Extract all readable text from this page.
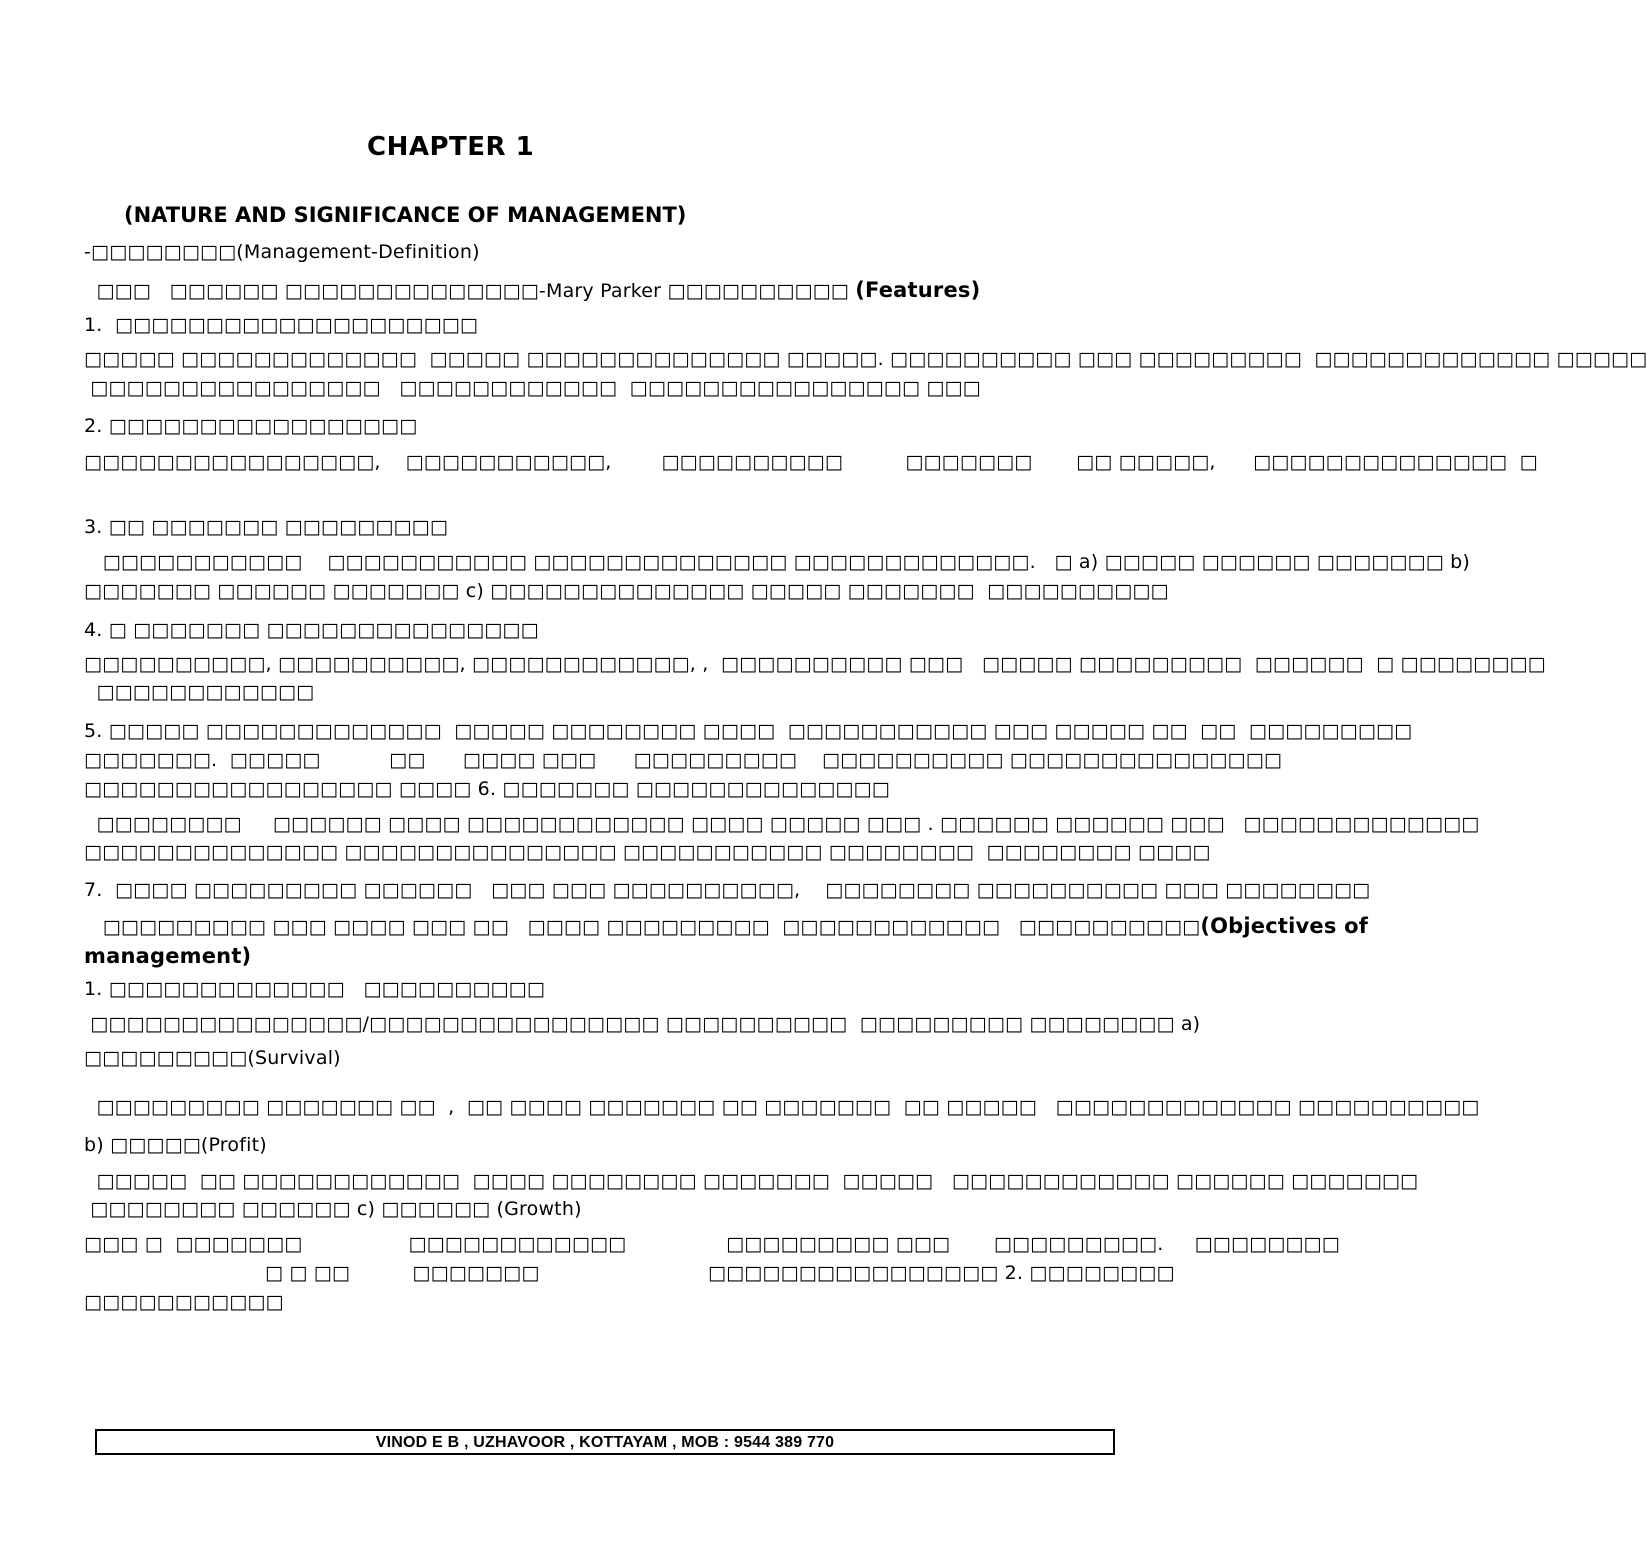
CHAPTER 1
(NATURE AND SIGNIFICANCE OF MANAGEMENT)

-□□□□□□□□(Management-Definition)

□□□   □□□□□□ □□□□□□□□□□□□□□-Mary Parker □□□□□□□□□□ (Features)

1.  □□□□□□□□□□□□□□□□□□□□

□□□□□ □□□□□□□□□□□□□  □□□□□ □□□□□□□□□□□□□□ □□□□□. □□□□□□□□□□ □□□ □□□□□□□□□  □□□□□□□□□□□□□ □□□□□

□□□□□□□□□□□□□□□□   □□□□□□□□□□□□  □□□□□□□□□□□□□□□□ □□□

2. □□□□□□□□□□□□□□□□□

□□□□□□□□□□□□□□□□,    □□□□□□□□□□□,        □□□□□□□□□□          □□□□□□□       □□ □□□□□,      □□□□□□□□□□□□□□  □

3. □□ □□□□□□□ □□□□□□□□□

□□□□□□□□□□□    □□□□□□□□□□□ □□□□□□□□□□□□□□ □□□□□□□□□□□□□.   □ a) □□□□□ □□□□□□ □□□□□□□ b)

□□□□□□□ □□□□□□ □□□□□□□ c) □□□□□□□□□□□□□□ □□□□□ □□□□□□□  □□□□□□□□□□

4. □ □□□□□□□ □□□□□□□□□□□□□□□

□□□□□□□□□□, □□□□□□□□□□, □□□□□□□□□□□□, ,  □□□□□□□□□□ □□□   □□□□□ □□□□□□□□□  □□□□□□  □ □□□□□□□□

□□□□□□□□□□□□

5. □□□□□ □□□□□□□□□□□□□  □□□□□ □□□□□□□□ □□□□  □□□□□□□□□□□ □□□ □□□□□ □□  □□  □□□□□□□□□

□□□□□□□.  □□□□□           □□      □□□□ □□□      □□□□□□□□□    □□□□□□□□□□ □□□□□□□□□□□□□□□

□□□□□□□□□□□□□□□□□ □□□□ 6. □□□□□□□ □□□□□□□□□□□□□□

□□□□□□□□     □□□□□□ □□□□ □□□□□□□□□□□□ □□□□ □□□□□ □□□ . □□□□□□ □□□□□□ □□□   □□□□□□□□□□□□□

□□□□□□□□□□□□□□ □□□□□□□□□□□□□□□ □□□□□□□□□□□ □□□□□□□□  □□□□□□□□ □□□□

7.  □□□□ □□□□□□□□□ □□□□□□   □□□ □□□ □□□□□□□□□□,    □□□□□□□□ □□□□□□□□□□ □□□ □□□□□□□□

□□□□□□□□□ □□□ □□□□ □□□ □□   □□□□ □□□□□□□□□  □□□□□□□□□□□□   □□□□□□□□□□(Objectives of

management)

1. □□□□□□□□□□□□□   □□□□□□□□□□

□□□□□□□□□□□□□□□/□□□□□□□□□□□□□□□□ □□□□□□□□□□  □□□□□□□□□ □□□□□□□□ a)

□□□□□□□□□(Survival)

□□□□□□□□□ □□□□□□□ □□  ,  □□ □□□□ □□□□□□□ □□ □□□□□□□  □□ □□□□□   □□□□□□□□□□□□□ □□□□□□□□□□

b) □□□□□(Profit)

□□□□□  □□ □□□□□□□□□□□□  □□□□ □□□□□□□□ □□□□□□□  □□□□□   □□□□□□□□□□□□ □□□□□□ □□□□□□□

□□□□□□□□ □□□□□□ c) □□□□□□ (Growth)

□□□ □  □□□□□□□                 □□□□□□□□□□□□                □□□□□□□□□ □□□       □□□□□□□□□.     □□□□□□□□

□ □ □□          □□□□□□□                           □□□□□□□□□□□□□□□□ 2. □□□□□□□□

□□□□□□□□□□□

VINOD E B , UZHAVOOR , KOTTAYAM , MOB : 9544 389 770
